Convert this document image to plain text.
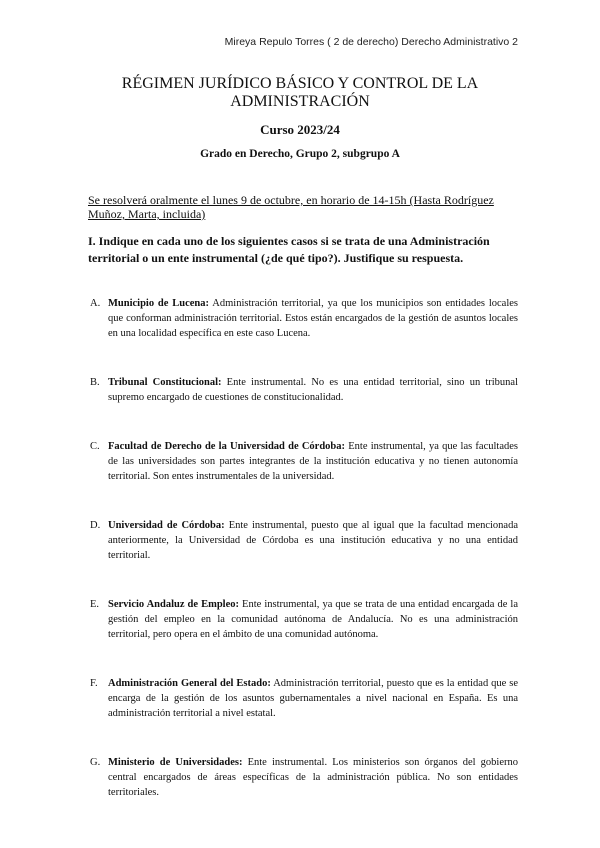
Mireya Repulo Torres ( 2 de derecho) Derecho Administrativo 2
RÉGIMEN JURÍDICO BÁSICO Y CONTROL DE LA ADMINISTRACIÓN
Curso 2023/24
Grado en Derecho, Grupo 2, subgrupo A
Se resolverá oralmente el lunes 9 de octubre, en horario de 14-15h (Hasta Rodríguez Muñoz, Marta, incluida)
I. Indique en cada uno de los siguientes casos si se trata de una Administración territorial o un ente instrumental (¿de qué tipo?). Justifique su respuesta.
A. Municipio de Lucena: Administración territorial, ya que los municipios son entidades locales que conforman administración territorial. Estos están encargados de la gestión de asuntos locales en una localidad específica en este caso Lucena.
B. Tribunal Constitucional: Ente instrumental. No es una entidad territorial, sino un tribunal supremo encargado de cuestiones de constitucionalidad.
C. Facultad de Derecho de la Universidad de Córdoba: Ente instrumental, ya que las facultades de las universidades son partes integrantes de la institución educativa y no tienen autonomía territorial. Son entes instrumentales de la universidad.
D. Universidad de Córdoba: Ente instrumental, puesto que al igual que la facultad mencionada anteriormente, la Universidad de Córdoba es una institución educativa y no una entidad territorial.
E. Servicio Andaluz de Empleo: Ente instrumental, ya que se trata de una entidad encargada de la gestión del empleo en la comunidad autónoma de Andalucía. No es una administración territorial, pero opera en el ámbito de una comunidad autónoma.
F. Administración General del Estado: Administración territorial, puesto que es la entidad que se encarga de la gestión de los asuntos gubernamentales a nivel nacional en España. Es una administración territorial a nivel estatal.
G. Ministerio de Universidades: Ente instrumental. Los ministerios son órganos del gobierno central encargados de áreas específicas de la administración pública. No son entidades territoriales.
